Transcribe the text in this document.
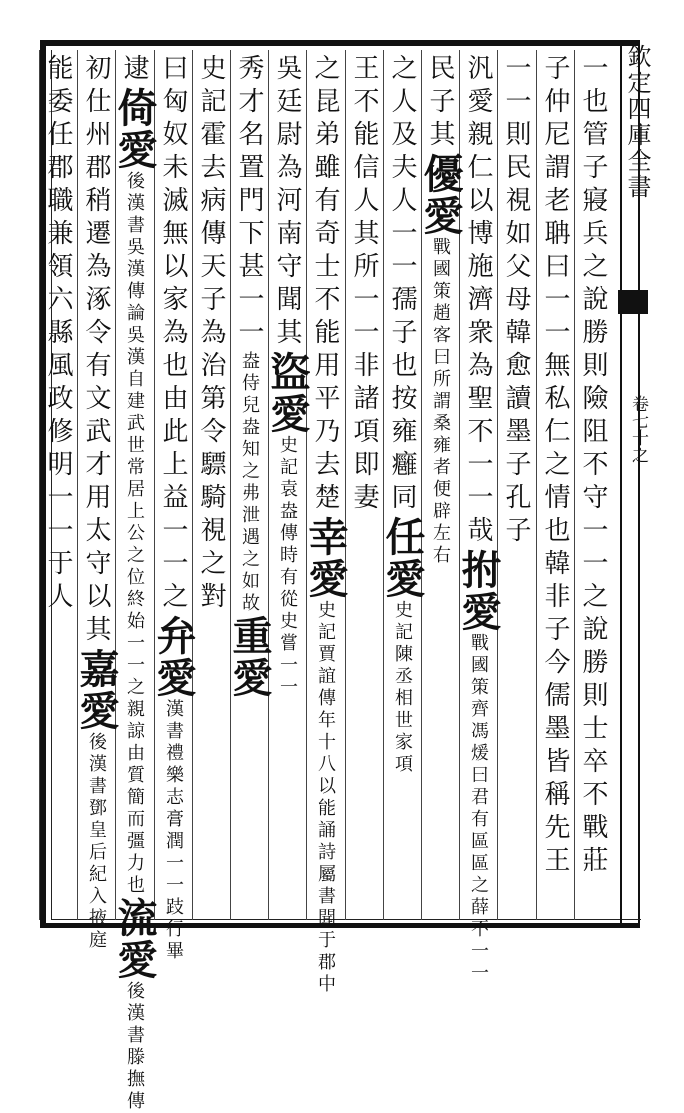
欽定四庫全書
卷七十之
一也管子寢兵之說勝則險阻不守一一之說勝則士卒不戰莊
子仲尼謂老聃曰一一無私仁之情也韓非子今儒墨皆稱先王
一一則民視如父母韓愈讀墨子孔子
汎愛親仁以博施濟衆為聖不一一哉拊愛戰國策齊馮煖曰君有區區之薛不一一
民子其優愛戰國策趙客曰所謂桑雍者便辟左右
之人及夫人一一孺子也按雍癰同任愛史記陳丞相世家項
王不能信人其所一一非諸項即妻
之昆弟雖有奇士不能用平乃去楚幸愛史記賈誼傳年十八以能誦詩屬書聞于郡中
吳廷尉為河南守聞其盜愛史記袁盎傳時有從史嘗一一
秀才名置門下甚一一盎侍兒盎知之弗泄遇之如故重愛
史記霍去病傳天子為治第令驃騎視之對
曰匈奴未滅無以家為也由此上益一一之弁愛漢書禮樂志膏潤一一跂行畢
逮倚愛後漢書吳漢傳論吳漢自建武世常居上公之位終始一一之親諒由質簡而彊力也流愛後漢書滕撫傳
初仕州郡稍遷為涿令有文武才用太守以其嘉愛後漢書鄧皇后紀入掖庭
能委任郡職兼領六縣風政修明一一于人
